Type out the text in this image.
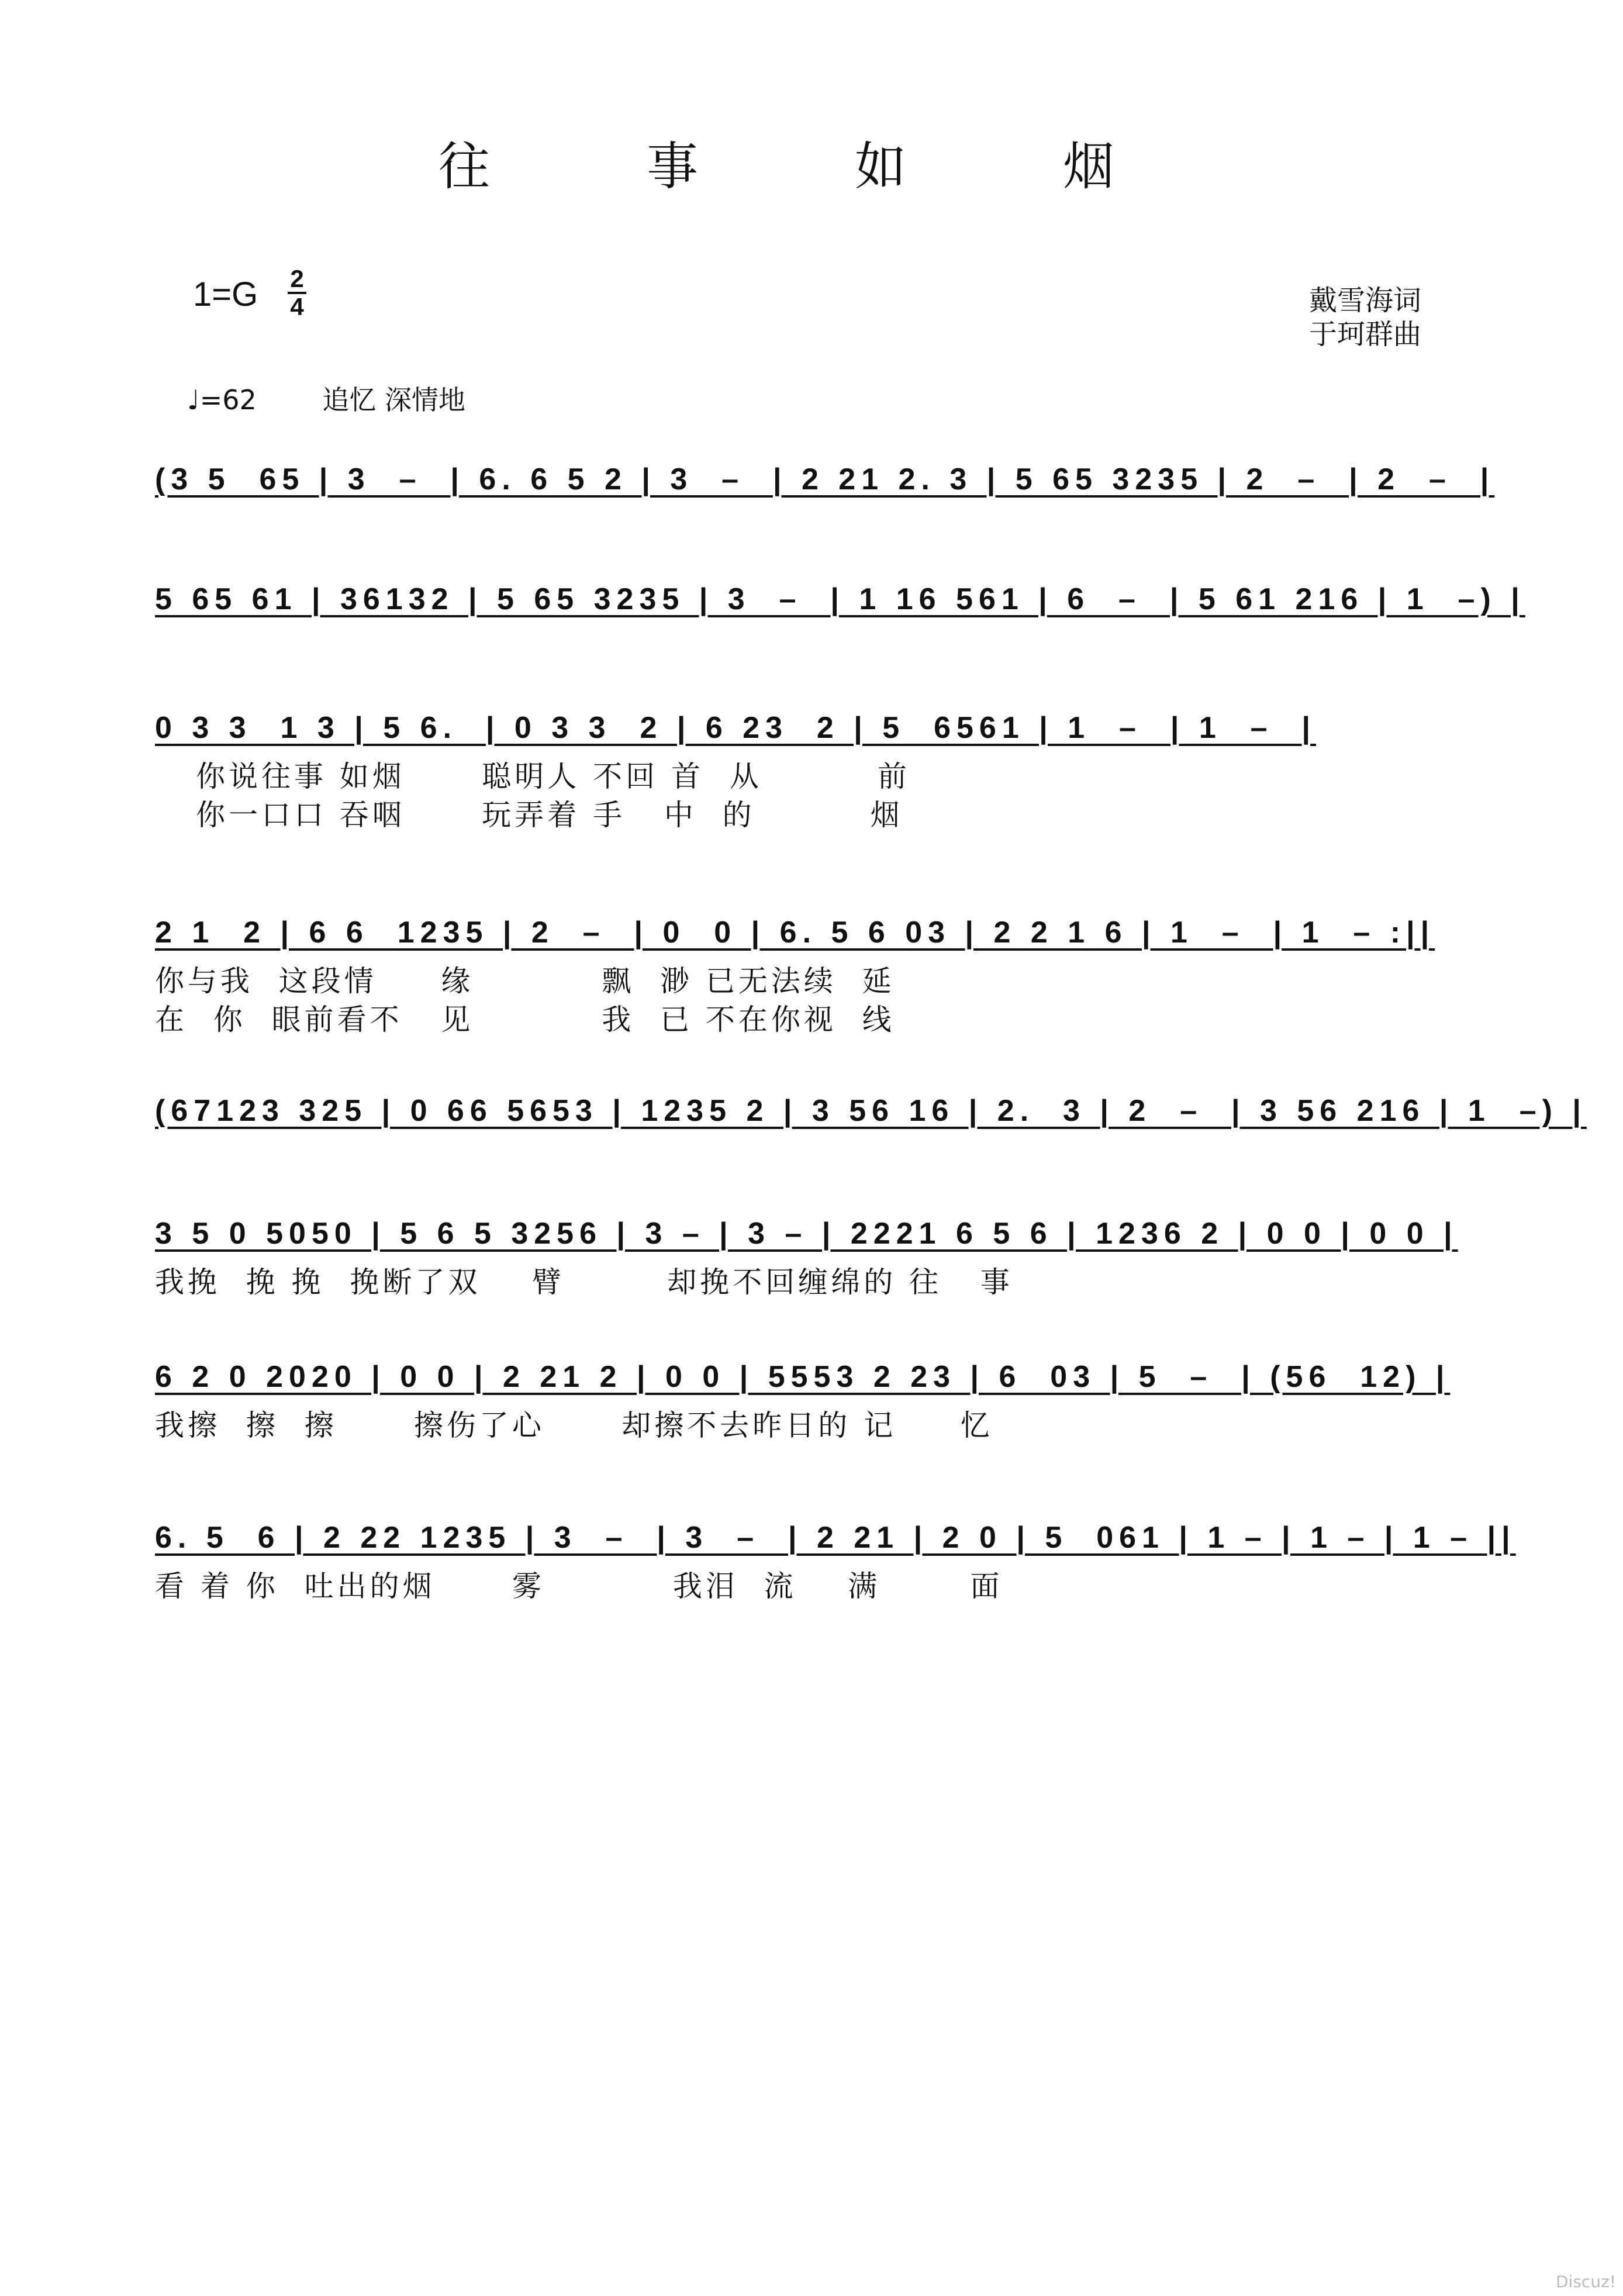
往 事 如 烟
1=G 2
4	戴雪海词
于珂群曲
♩=62 追忆 深情地
(3 5  65 | 3  –  | 6. 6 5 2 | 3  –  | 2 21 2. 3 | 5 65 3235 | 2  –  | 2  –  |
5 65 61 | 36132 | 5 65 3235 | 3  –  | 1 16 561 | 6  –  | 5 61 216 | 1  –) |
0 3 3  1 3 | 5 6.  | 0 3 3  2 | 6 23  2 | 5  6561 | 1  –  | 1  –  |
你说往事 如烟      聪明人 不回 首  从         前
你一口口 吞咽      玩弄着 手   中  的         烟
2 1  2 | 6 6  1235 | 2  –  | 0  0 | 6. 5 6 03 | 2 2 1 6 | 1  –  | 1  – :||
你与我  这段情     缘          飘  渺 已无法续  延
在  你  眼前看不   见          我  已 不在你视  线
(67123 325 | 0 66 5653 | 1235 2 | 3 56 16 | 2.  3 | 2  –  | 3 56 216 | 1  –) |
3 5 0 5050 | 5 6 5 3256 | 3 – | 3 – | 2221 6 5 6 | 1236 2 | 0 0 | 0 0 |
我挽  挽 挽  挽断了双    臂        却挽不回缠绵的 往   事
6 2 0 2020 | 0 0 | 2 21 2 | 0 0 | 5553 2 23 | 6  03 | 5  –  | (56  12) |
我擦  擦  擦      擦伤了心      却擦不去昨日的 记     忆
6. 5  6 | 2 22 1235 | 3  –  | 3  –  | 2 21 | 2 0 | 5  061 | 1 – | 1 – | 1 – ||
看 着 你  吐出的烟      雾          我泪  流    满       面
Discuz!
